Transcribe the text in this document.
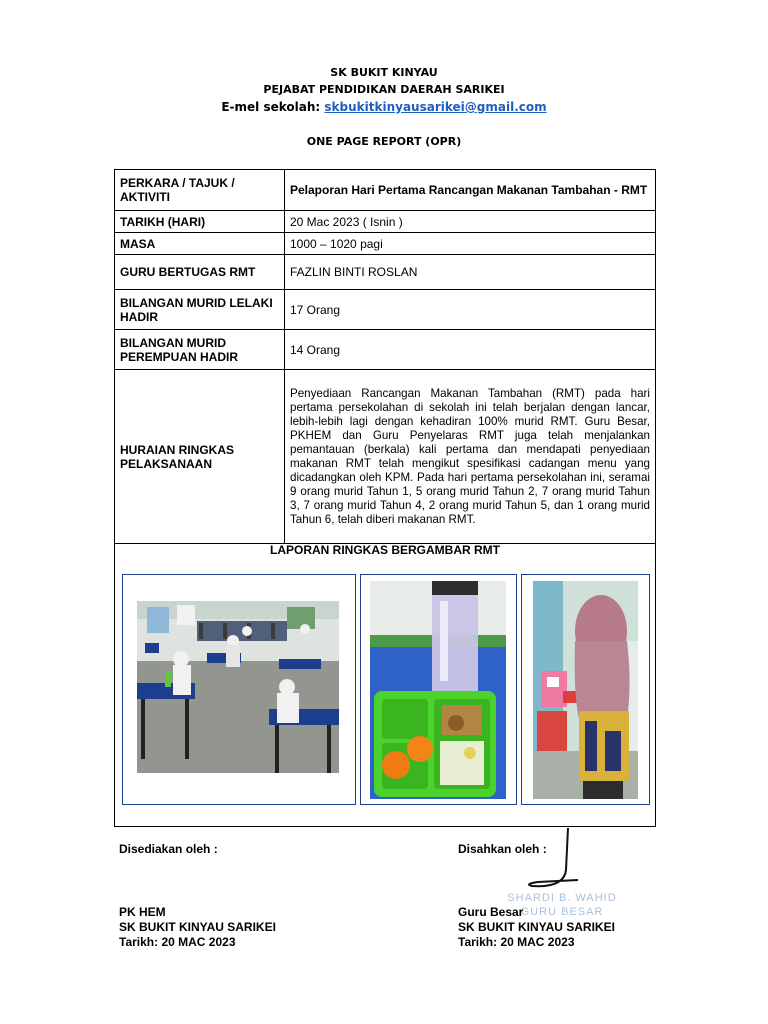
SK BUKIT KINYAU
PEJABAT PENDIDIKAN DAERAH SARIKEI
E-mel sekolah: skbukitkinyausarikei@gmail.com
ONE PAGE REPORT (OPR)
PERKARA / TAJUK / AKTIVITI	Pelaporan Hari Pertama Rancangan Makanan Tambahan - RMT
TARIKH (HARI)	20 Mac 2023 ( Isnin )
MASA	1000 – 1020 pagi
GURU BERTUGAS RMT	FAZLIN BINTI ROSLAN
BILANGAN MURID LELAKI HADIR	17 Orang
BILANGAN MURID PEREMPUAN HADIR	14 Orang
HURAIAN RINGKAS PELAKSANAAN	Penyediaan Rancangan Makanan Tambahan (RMT) pada hari pertama persekolahan di sekolah ini telah berjalan dengan lancar, lebih-lebih lagi dengan kehadiran 100% murid RMT. Guru Besar, PKHEM dan Guru Penyelaras RMT juga telah menjalankan pemantauan (berkala) kali pertama dan mendapati penyediaan makanan RMT telah mengikut spesifikasi cadangan menu yang dicadangkan oleh KPM. Pada hari pertama persekolahan ini, seramai 9 orang murid Tahun 1, 5 orang murid Tahun 2, 7 orang murid Tahun 3, 7 orang murid Tahun 4, 2 orang murid Tahun 5, dan 1 orang murid Tahun 6, telah diberi makanan RMT.
LAPORAN RINGKAS BERGAMBAR RMT
Disediakan oleh :	Disahkan oleh :
SHARDI B. WAHID
GURU BESAR
PK HEM
SK BUKIT KINYAU SARIKEI
Tarikh: 20 MAC 2023
Guru Besar
SK BUKIT KINYAU SARIKEI
Tarikh: 20 MAC 2023
